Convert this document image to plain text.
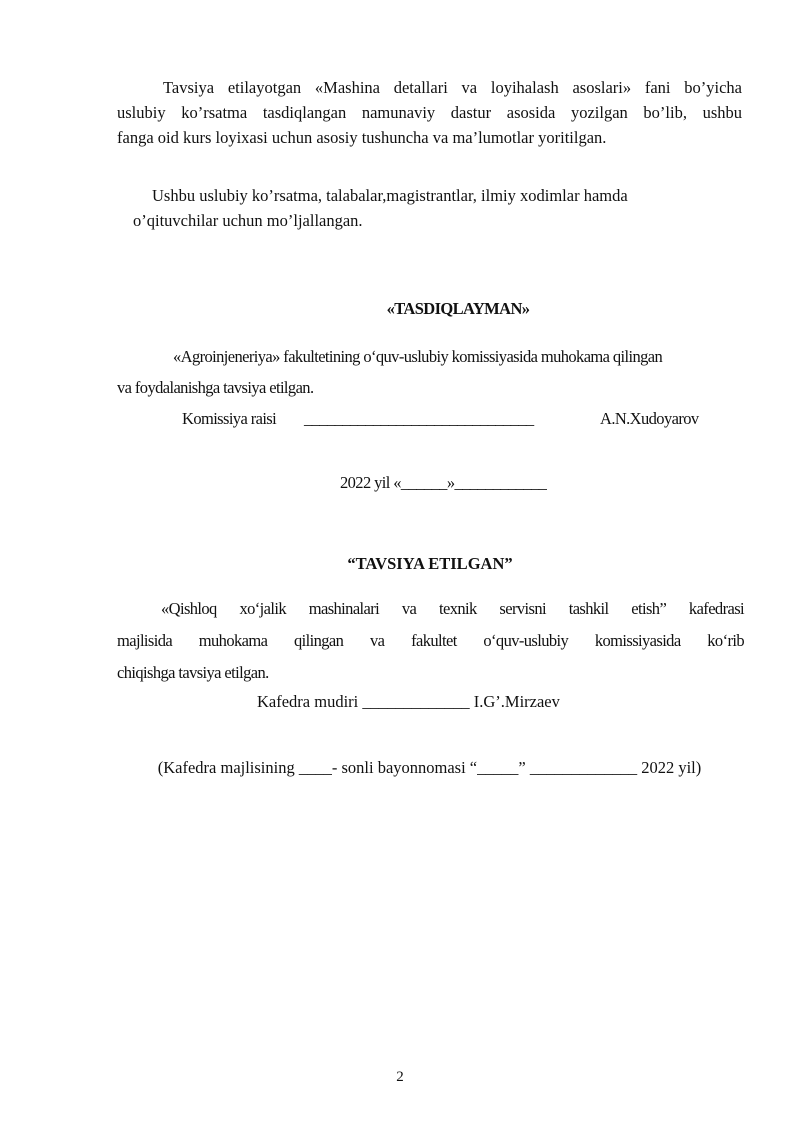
Tavsiya etilayotgan «Mashina detallari va loyihalash asoslari» fani bo’yicha
uslubiy ko’rsatma tasdiqlangan namunaviy dastur asosida yozilgan bo’lib, ushbu
fanga oid kurs loyixasi uchun asosiy tushuncha va ma’lumotlar yoritilgan.
Ushbu uslubiy ko’rsatma, talabalar,magistrantlar, ilmiy xodimlar hamda
o’qituvchilar uchun mo’ljallangan.
«TASDIQLAYMAN»
«Agroinjeneriya» fakultetining o‘quv-uslubiy komissiyasida muhokama qilingan
va foydalanishga tavsiya etilgan.
Komissiya raisi ______________________________	A.N.Xudoyarov
2022 yil «______»____________
“TAVSIYA ETILGAN”
«Qishloq xo‘jalik mashinalari va texnik servisni tashkil etish” kafedrasi
majlisida muhokama qilingan va fakultet o‘quv-uslubiy komissiyasida ko‘rib
chiqishga tavsiya etilgan.
Kafedra mudiri _____________ I.G’.Mirzaev
(Kafedra majlisining ____- sonli bayonnomasi “_____” _____________ 2022 yil)
2
